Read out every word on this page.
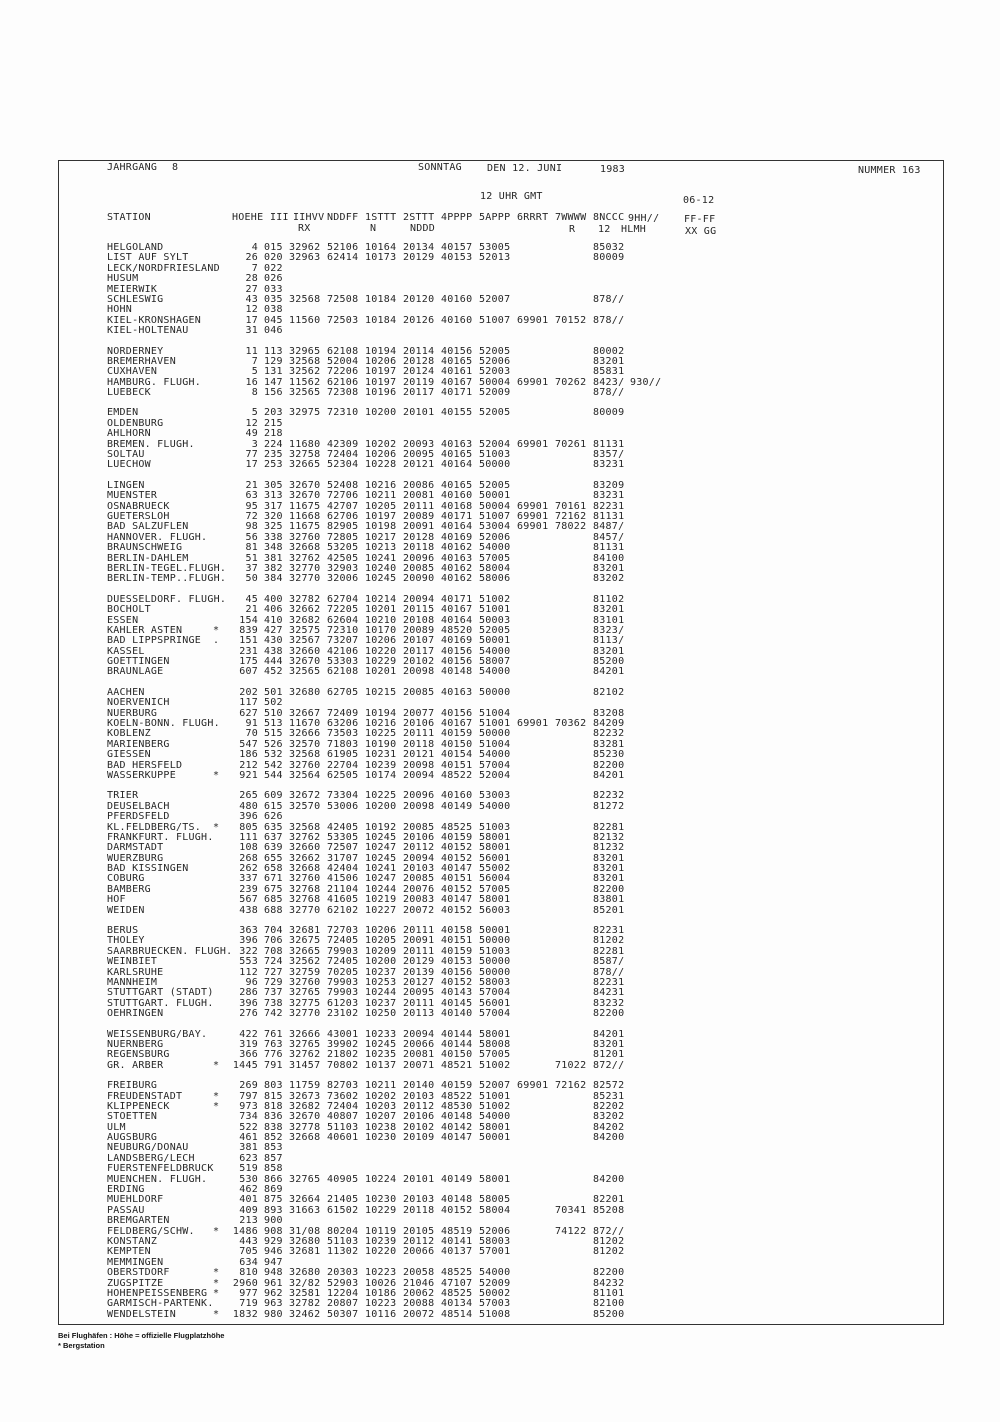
JAHRGANG 8	SONNTAG	DEN 12. JUNI	1983	NUMMER 163
12 UHR GMT	06-12
STATION	HOEHE III IIHVV NDDFF 1STTT 2STTT 4PPPP 5APPP 6RRRT 7WWWW 8NCCC 9HH// FF-FF
RX	N	NDDD	R 12 HLMH	XX GG
HELGOLAND	4 015 32962 52106 10164 20134 40157 53005	85032
LIST AUF SYLT	26 020 32963 62414 10173 20129 40153 52013	80009
LECK/NORDFRIESLAND	7 022
HUSUM	28 026
MEIERWIK	27 033
SCHLESWIG	43 035 32568 72508 10184 20120 40160 52007	878//
HOHN	12 038
KIEL-KRONSHAGEN	17 045 11560 72503 10184 20126 40160 51007 69901 70152 878//
KIEL-HOLTENAU	31 046
NORDERNEY	11 113 32965 62108 10194 20114 40156 52005	80002
BREMERHAVEN	7 129 32568 52004 10206 20128 40165 52006	83201
CUXHAVEN	5 131 32562 72206 10197 20124 40161 52003	85831
HAMBURG. FLUGH.	16 147 11562 62106 10197 20119 40167 50004 69901 70262 8423/ 930//
LUEBECK	8 156 32565 72308 10196 20117 40171 52009	878//
EMDEN	5 203 32975 72310 10200 20101 40155 52005	80009
OLDENBURG	12 215
AHLHORN	49 218
BREMEN. FLUGH.	3 224 11680 42309 10202 20093 40163 52004 69901 70261 81131
SOLTAU	77 235 32758 72404 10206 20095 40165 51003	8357/
LUECHOW	17 253 32665 52304 10228 20121 40164 50000	83231
LINGEN	21 305 32670 52408 10216 20086 40165 52005	83209
MUENSTER	63 313 32670 72706 10211 20081 40160 50001	83231
OSNABRUECK	95 317 11675 42707 10205 20111 40168 50004 69901 70161 82231
GUETERSLOH	72 320 11668 62706 10197 20089 40171 51007 69901 72162 81131
BAD SALZUFLEN	98 325 11675 82905 10198 20091 40164 53004 69901 78022 8487/
HANNOVER. FLUGH.	56 338 32760 72805 10217 20128 40169 52006	8457/
BRAUNSCHWEIG	81 348 32668 53205 10213 20118 40162 54000	81131
BERLIN-DAHLEM	51 381 32762 42505 10241 20096 40163 57005	84100
BERLIN-TEGEL.FLUGH.	37 382 32770 32903 10240 20085 40162 58004	83201
BERLIN-TEMP..FLUGH.	50 384 32770 32006 10245 20090 40162 58006	83202
DUESSELDORF. FLUGH.	45 400 32782 62704 10214 20094 40171 51002	81102
BOCHOLT	21 406 32662 72205 10201 20115 40167 51001	83201
ESSEN	154 410 32682 62604 10210 20108 40164 50003	83101
KAHLER ASTEN	*	839 427 32575 72310 10170 20089 48520 52005	8323/
BAD LIPPSPRINGE .	151 430 32567 73207 10206 20107 40169 50001	8113/
KASSEL	231 438 32660 42106 10220 20117 40156 54000	83201
GOETTINGEN	175 444 32670 53303 10229 20102 40156 58007	85200
BRAUNLAGE	607 452 32565 62108 10201 20098 40148 54000	84201
AACHEN	202 501 32680 62705 10215 20085 40163 50000	82102
NOERVENICH	117 502
NUERBURG	627 510 32667 72409 10194 20077 40156 51004	83208
KOELN-BONN. FLUGH.	91 513 11670 63206 10216 20106 40167 51001 69901 70362 84209
KOBLENZ	70 515 32666 73503 10225 20111 40159 50000	82232
MARIENBERG	547 526 32570 71803 10190 20118 40150 51004	83281
GIESSEN	186 532 32568 61905 10231 20121 40154 54000	85230
BAD HERSFELD	212 542 32760 22704 10239 20098 40151 57004	82200
WASSERKUPPE	*	921 544 32564 62505 10174 20094 48522 52004	84201
TRIER	265 609 32672 73304 10225 20096 40160 53003	82232
DEUSELBACH	480 615 32570 53006 10200 20098 40149 54000	81272
PFERDSFELD	396 626
KL.FELDBERG/TS. *	805 635 32568 42405 10192 20085 48525 51003	82281
FRANKFURT. FLUGH.	111 637 32762 53305 10245 20106 40159 58001	82132
DARMSTADT	108 639 32660 72507 10247 20112 40152 58001	81232
WUERZBURG	268 655 32662 31707 10245 20094 40152 56001	83201
BAD KISSINGEN	262 658 32668 42404 10241 20103 40147 55002	83201
COBURG	337 671 32760 41506 10247 20085 40151 56004	83201
BAMBERG	239 675 32768 21104 10244 20076 40152 57005	82200
HOF	567 685 32768 41605 10219 20083 40147 58001	83801
WEIDEN	438 688 32770 62102 10227 20072 40152 56003	85201
BERUS	363 704 32681 72703 10206 20111 40158 50001	82231
THOLEY	396 706 32675 72405 10205 20091 40151 50000	81202
SAARBRUECKEN. FLUGH. 322 708 32665 79903 10209 20111 40159 51003	82281
WEINBIET	553 724 32562 72405 10200 20129 40153 50000	8587/
KARLSRUHE	112 727 32759 70205 10237 20139 40156 50000	878//
MANNHEIM	96 729 32760 79903 10253 20127 40152 58003	82231
STUTTGART (STADT)	286 737 32765 79903 10244 20095 40143 57004	84231
STUTTGART. FLUGH.	396 738 32775 61203 10237 20111 40145 56001	83232
OEHRINGEN	276 742 32770 23102 10250 20113 40140 57004	82200
WEISSENBURG/BAY.	422 761 32666 43001 10233 20094 40144 58001	84201
NUERNBERG	319 763 32765 39902 10245 20066 40144 58008	83201
REGENSBURG	366 776 32762 21802 10235 20081 40150 57005	81201
GR. ARBER	*	1445 791 31457 70802 10137 20071 48521 51002	71022 872//
FREIBURG	269 803 11759 82703 10211 20140 40159 52007 69901 72162 82572
FREUDENSTADT	*	797 815 32673 73602 10202 20103 48522 51001	85231
KLIPPENECK	*	973 818 32682 72404 10203 20112 48530 51002	82202
STOETTEN	734 836 32670 40807 10207 20106 40148 54000	83202
ULM	522 838 32778 51103 10238 20102 40142 58001	84202
AUGSBURG	461 852 32668 40601 10230 20109 40147 50001	84200
NEUBURG/DONAU	381 853
LANDSBERG/LECH	623 857
FUERSTENFELDBRUCK	519 858
MUENCHEN. FLUGH.	530 866 32765 40905 10224 20101 40149 58001	84200
ERDING	462 869
MUEHLDORF	401 875 32664 21405 10230 20103 40148 58005	82201
PASSAU	409 893 31663 61502 10229 20118 40152 58004	70341 85208
BREMGARTEN	213 900
FELDBERG/SCHW. *	1486 908 31/08 80204 10119 20105 48519 52006	74122 872//
KONSTANZ	443 929 32680 51103 10239 20112 40141 58003	81202
KEMPTEN	705 946 32681 11302 10220 20066 40137 57001	81202
MEMMINGEN	634 947
OBERSTDORF	*	810 948 32680 20303 10223 20058 48525 54000	82200
ZUGSPITZE	*	2960 961 32/82 52903 10026 21046 47107 52009	84232
HOHENPEISSENBERG *	977 962 32581 12204 10186 20062 48525 50002	81101
GARMISCH-PARTENK.	719 963 32782 20807 10223 20088 40134 57003	82100
WENDELSTEIN	*	1832 980 32462 50307 10116 20072 48514 51008	85200
Bei Flughäfen : Höhe = offizielle Flugplatzhöhe
* Bergstation
